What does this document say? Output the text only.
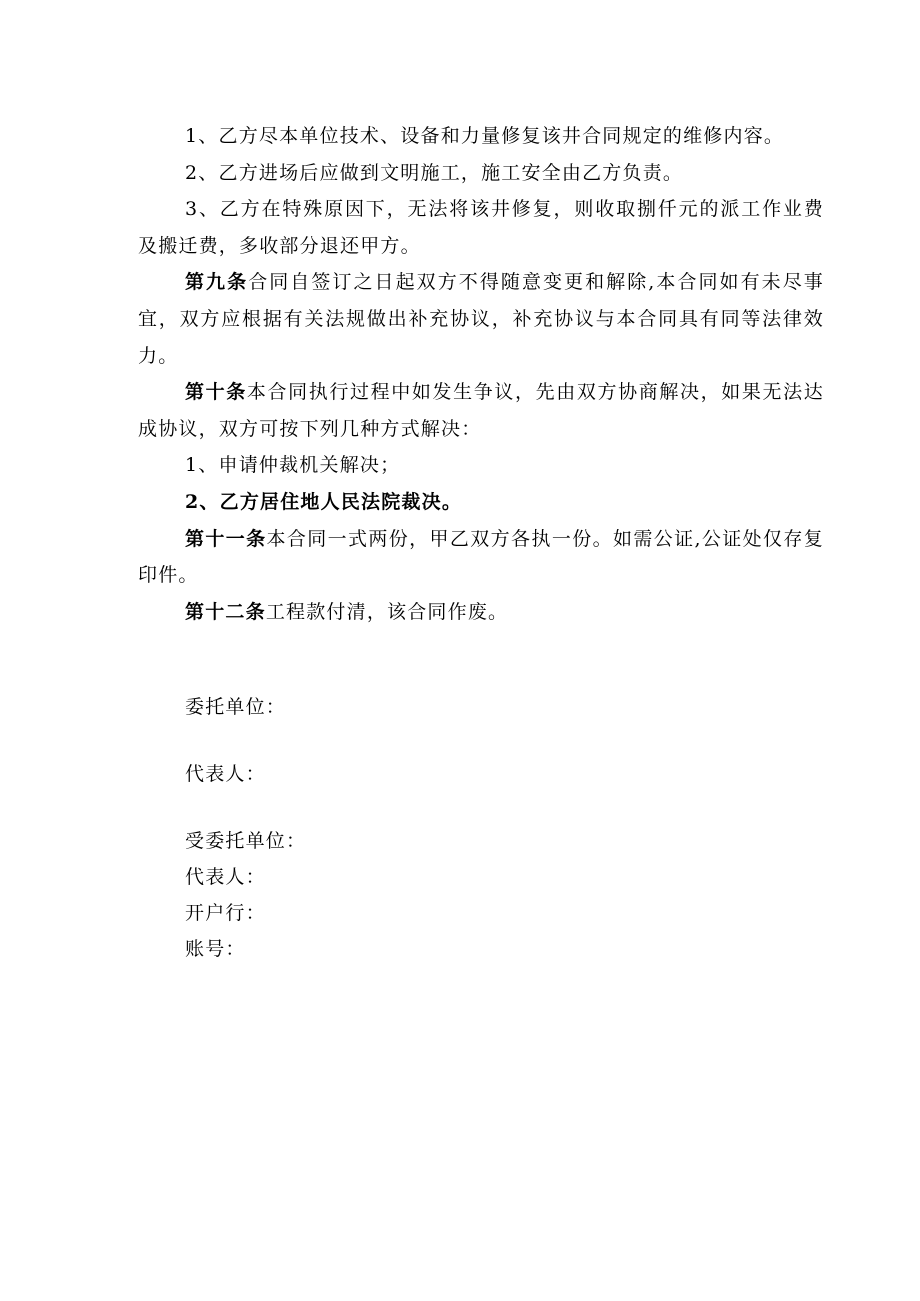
1、乙方尽本单位技术、设备和力量修复该井合同规定的维修内容。

2、乙方进场后应做到文明施工，施工安全由乙方负责。

3、乙方在特殊原因下，无法将该井修复，则收取捌仟元的派工作业费及搬迁费，多收部分退还甲方。

第九条合同自签订之日起双方不得随意变更和解除,本合同如有未尽事宜，双方应根据有关法规做出补充协议，补充协议与本合同具有同等法律效力。

第十条本合同执行过程中如发生争议，先由双方协商解决，如果无法达成协议，双方可按下列几种方式解决：

1、申请仲裁机关解决；

2、乙方居住地人民法院裁决。

第十一条本合同一式两份，甲乙双方各执一份。如需公证,公证处仅存复印件。

第十二条工程款付清，该合同作废。

委托单位：
代表人：
受委托单位：
代表人：
开户行：
账号：
